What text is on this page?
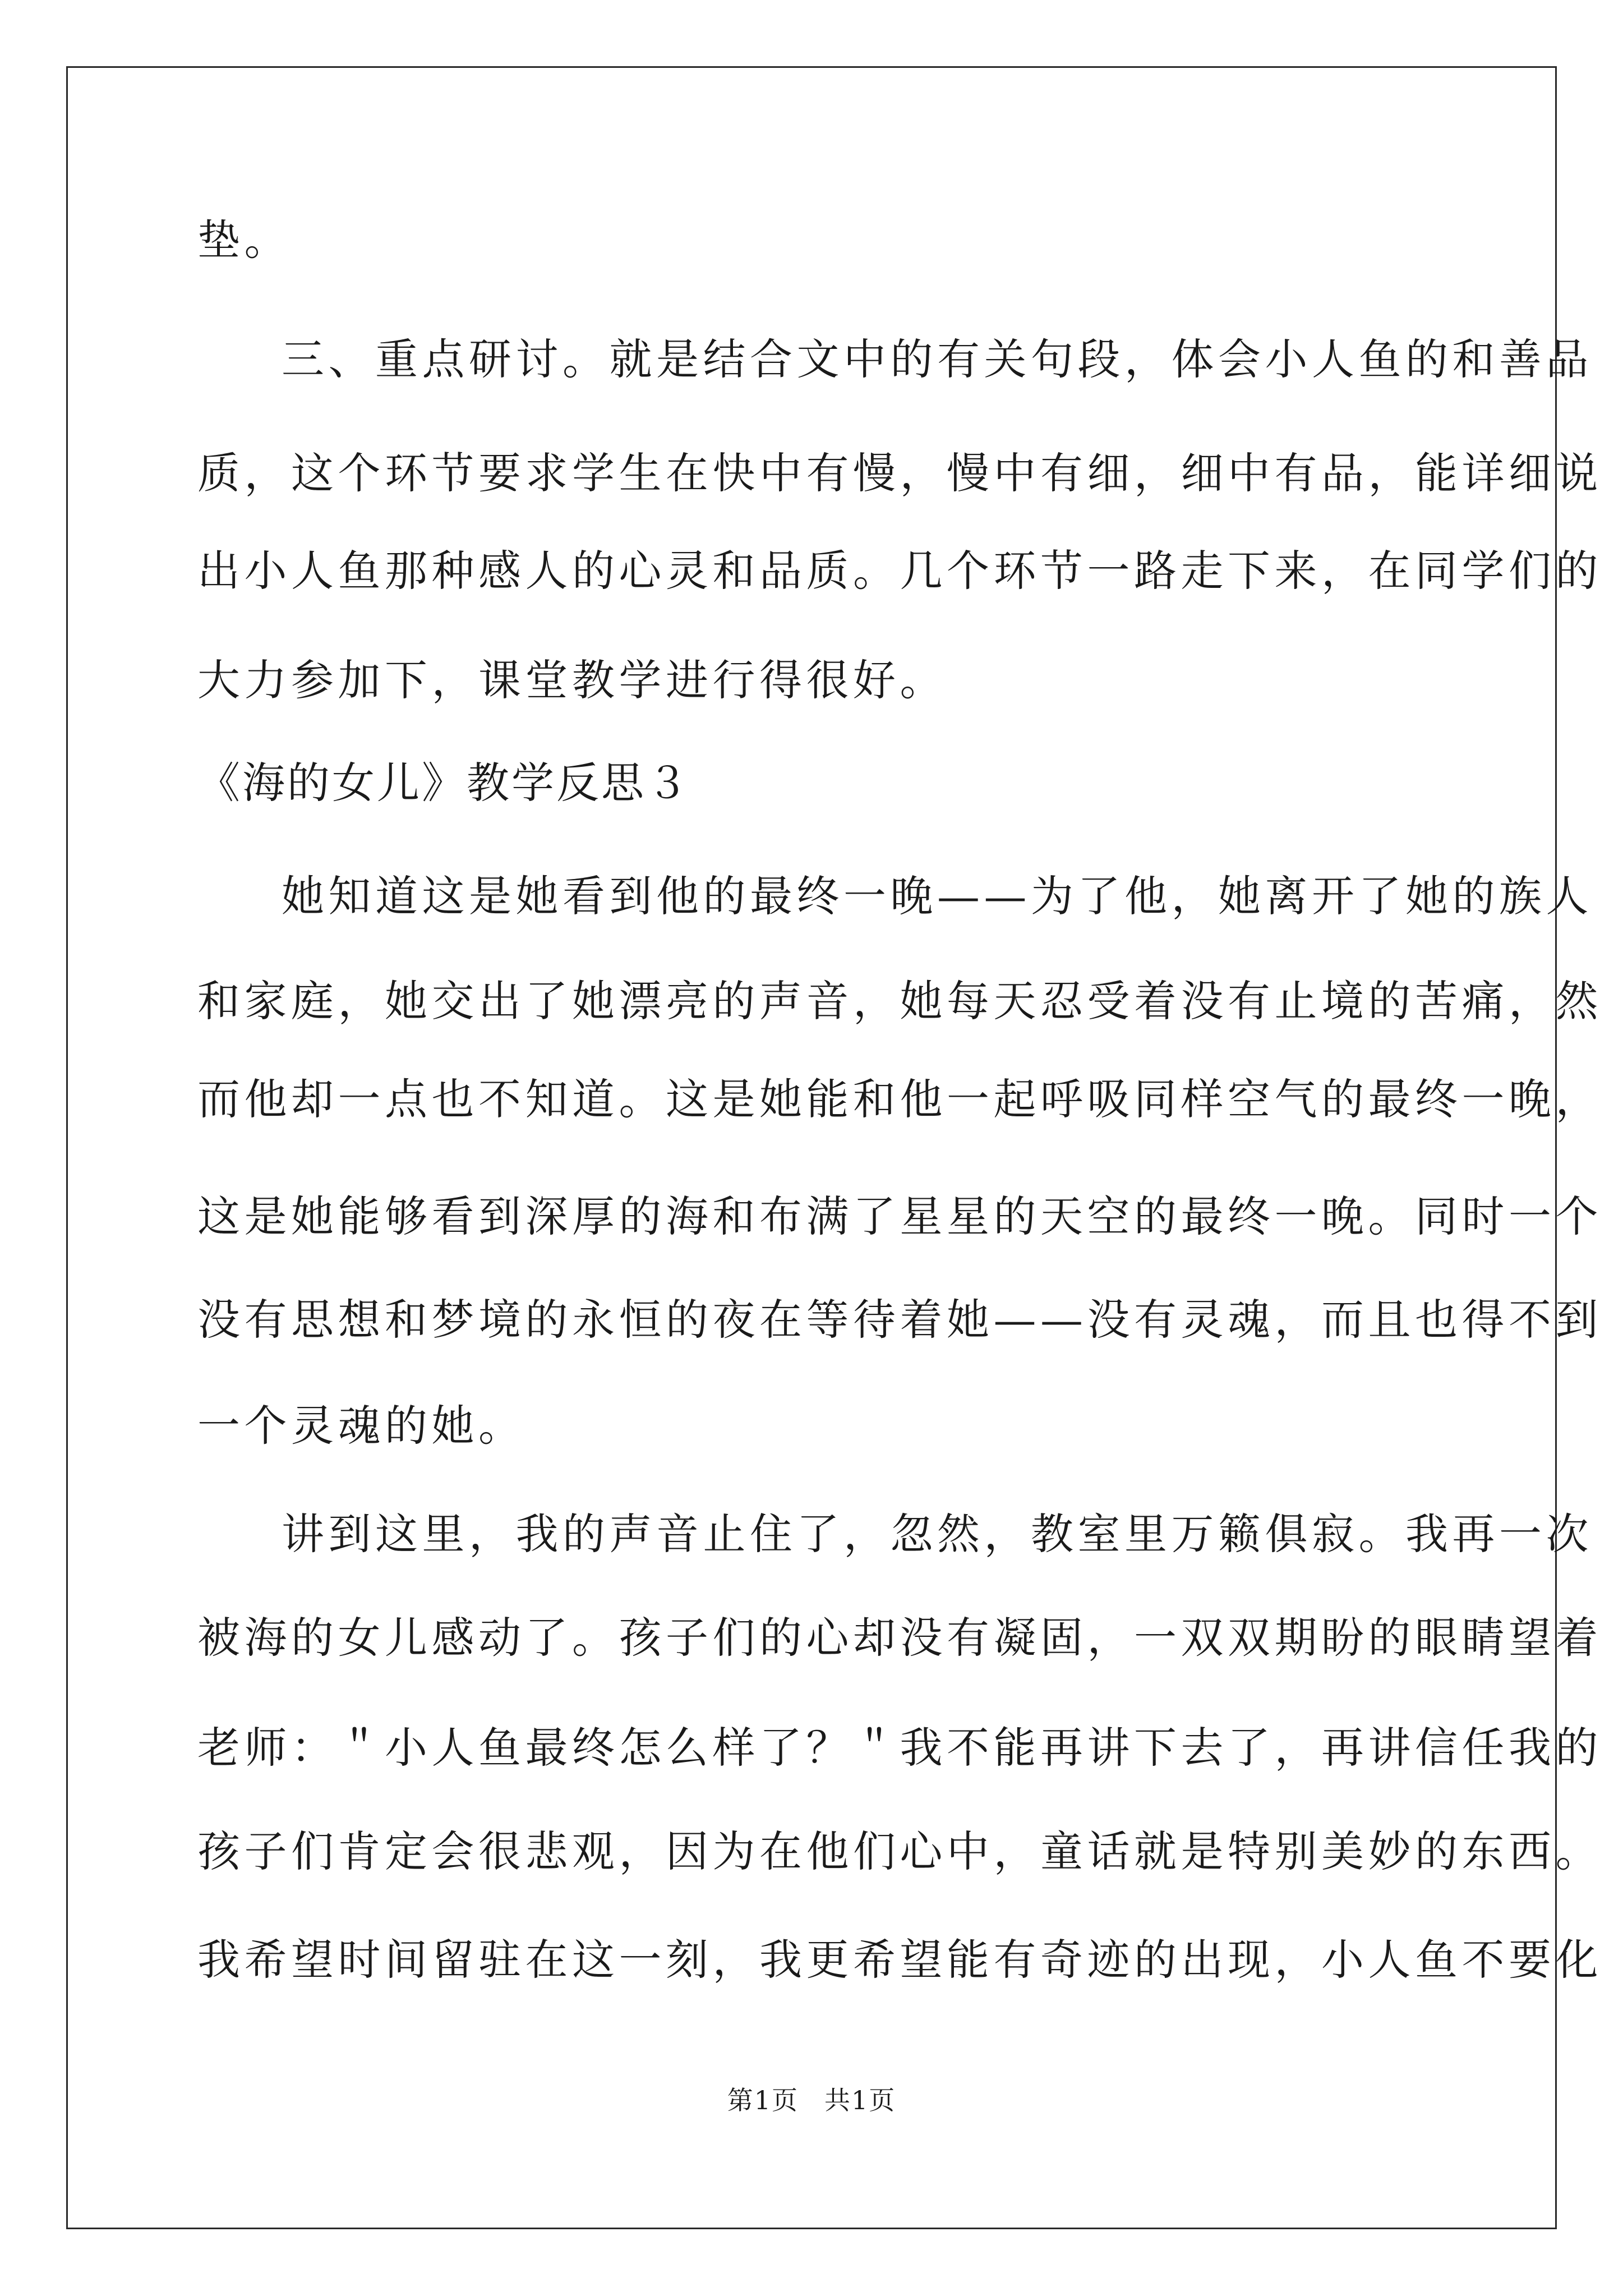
垫。
三、重点研讨。就是结合文中的有关句段，体会小人鱼的和善品
质，这个环节要求学生在快中有慢，慢中有细，细中有品，能详细说
出小人鱼那种感人的心灵和品质。几个环节一路走下来，在同学们的
大力参加下，课堂教学进行得很好。
《海的女儿》教学反思３
她知道这是她看到他的最终一晚——为了他，她离开了她的族人
和家庭，她交出了她漂亮的声音，她每天忍受着没有止境的苦痛，然
而他却一点也不知道。这是她能和他一起呼吸同样空气的最终一晚，
这是她能够看到深厚的海和布满了星星的天空的最终一晚。同时一个
没有思想和梦境的永恒的夜在等待着她——没有灵魂，而且也得不到
一个灵魂的她。
讲到这里，我的声音止住了，忽然，教室里万籁俱寂。我再一次
被海的女儿感动了。孩子们的心却没有凝固，一双双期盼的眼睛望着
老师：＂小人鱼最终怎么样了？＂我不能再讲下去了，再讲信任我的
孩子们肯定会很悲观，因为在他们心中，童话就是特别美妙的东西。
我希望时间留驻在这一刻，我更希望能有奇迹的出现，小人鱼不要化
第1页 共1页
